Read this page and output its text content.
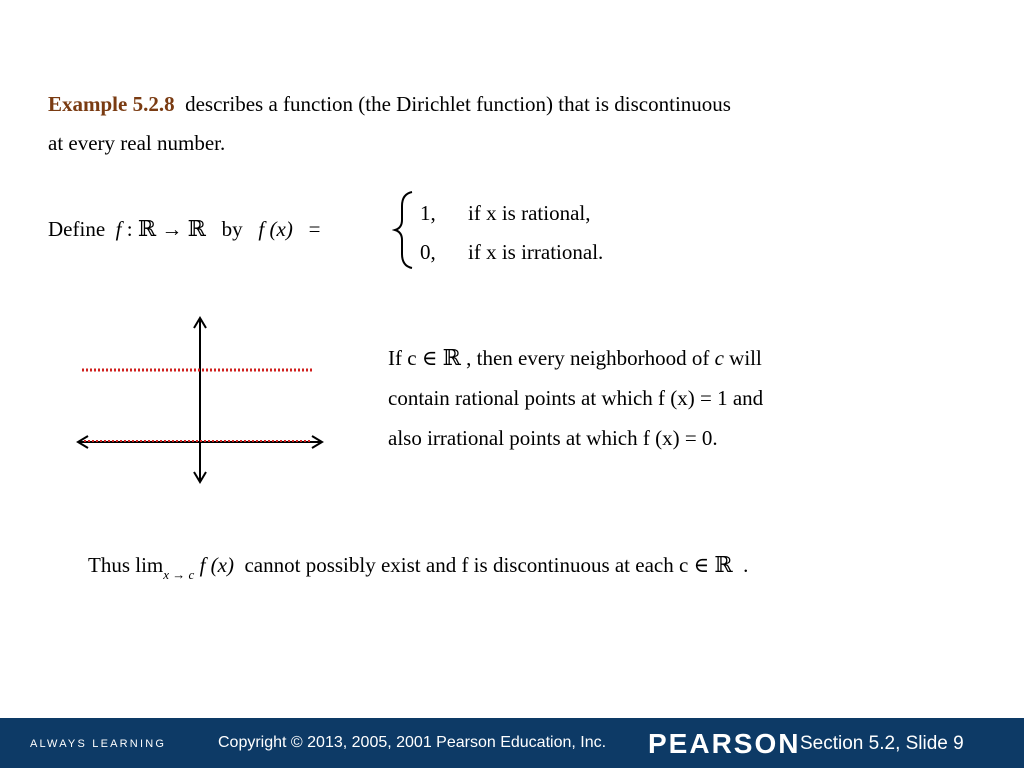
Example 5.2.8 describes a function (the Dirichlet function) that is discontinuous
at every real number.
Define f : ℝ → ℝ by f (x) =
1, if x is rational,
0, if x is irrational.
If c ∈ ℝ , then every neighborhood of c will
contain rational points at which f (x) = 1 and
also irrational points at which f (x) = 0.
Thus $\lim_{x \to c} f$ (x) cannot possibly exist and f is discontinuous at each c ∈ ℝ .
ALWAYS LEARNING	Copyright © 2013, 2005, 2001 Pearson Education, Inc. PEARSON Section 5.2, Slide 9
